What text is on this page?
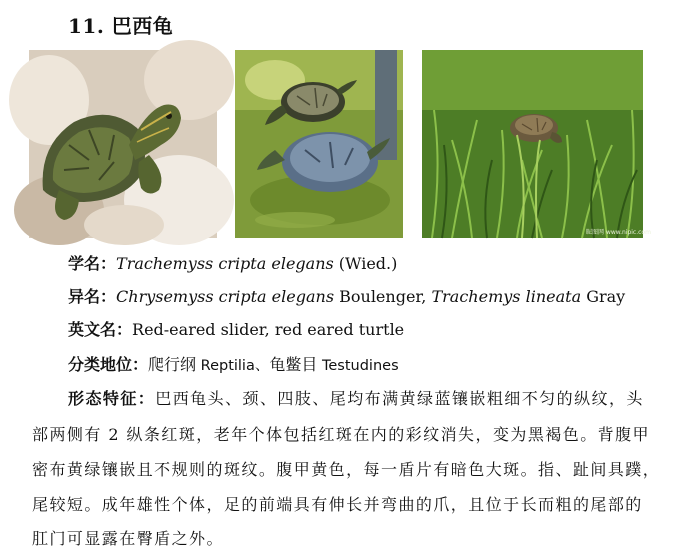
11. 巴西龟
昵图网 www.nipic.com
学名：Trachemyss cripta elegans (Wied.)
异名：Chrysemyss cripta elegans Boulenger, Trachemys lineata Gray
英文名：Red-eared slider, red eared turtle
分类地位：爬行纲 Reptilia、龟鳖目 Testudines
形态特征：巴西龟头、颈、四肢、尾均布满黄绿蓝镶嵌粗细不匀的纵纹，头
部两侧有 2 纵条红斑，老年个体包括红斑在内的彩纹消失，变为黑褐色。背腹甲
密布黄绿镶嵌且不规则的斑纹。腹甲黄色，每一盾片有暗色大斑。指、趾间具蹼，
尾较短。成年雄性个体，足的前端具有伸长并弯曲的爪，且位于长而粗的尾部的
肛门可显露在臀盾之外。
